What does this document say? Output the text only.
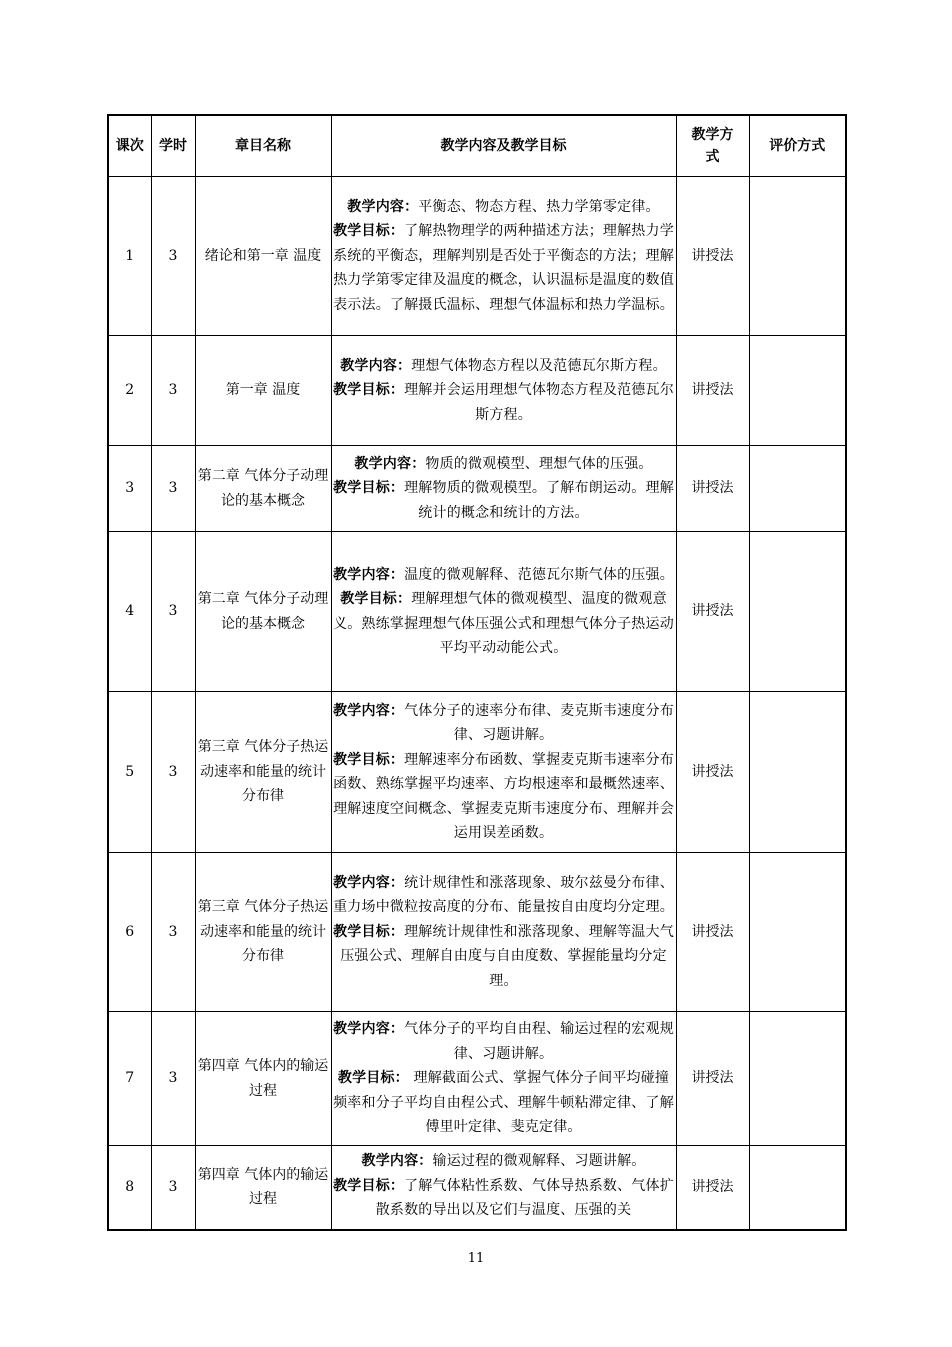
课次	学时	章目名称	教学内容及教学目标	教学方式	评价方式
1	3	绪论和第一章 温度	教学内容：平衡态、物态方程、热力学第零定律。

教学目标：了解热物理学的两种描述方法；理解热力学系统的平衡态，理解判别是否处于平衡态的方法；理解热力学第零定律及温度的概念，认识温标是温度的数值表示法。了解摄氏温标、理想气体温标和热力学温标。	讲授法	
2	3	第一章 温度	教学内容：理想气体物态方程以及范德瓦尔斯方程。

教学目标：理解并会运用理想气体物态方程及范德瓦尔斯方程。	讲授法	
3	3	第二章 气体分子动理论的基本概念	教学内容：物质的微观模型、理想气体的压强。

教学目标：理解物质的微观模型。了解布朗运动。理解统计的概念和统计的方法。	讲授法	
4	3	第二章 气体分子动理论的基本概念	教学内容：温度的微观解释、范德瓦尔斯气体的压强。

教学目标：理解理想气体的微观模型、温度的微观意义。熟练掌握理想气体压强公式和理想气体分子热运动平均平动动能公式。	讲授法	
5	3	第三章 气体分子热运动速率和能量的统计分布律	教学内容：气体分子的速率分布律、麦克斯韦速度分布律、习题讲解。

教学目标：理解速率分布函数、掌握麦克斯韦速率分布函数、熟练掌握平均速率、方均根速率和最概然速率、理解速度空间概念、掌握麦克斯韦速度分布、理解并会运用误差函数。	讲授法	
6	3	第三章 气体分子热运动速率和能量的统计分布律	教学内容：统计规律性和涨落现象、玻尔兹曼分布律、重力场中微粒按高度的分布、能量按自由度均分定理。

教学目标：理解统计规律性和涨落现象、理解等温大气压强公式、理解自由度与自由度数、掌握能量均分定理。	讲授法	
7	3	第四章 气体内的输运过程	教学内容：气体分子的平均自由程、输运过程的宏观规律、习题讲解。

教学目标： 理解截面公式、掌握气体分子间平均碰撞频率和分子平均自由程公式、理解牛顿粘滞定律、了解傅里叶定律、斐克定律。	讲授法	
8	3	第四章 气体内的输运过程	教学内容：输运过程的微观解释、习题讲解。

教学目标：了解气体粘性系数、气体导热系数、气体扩散系数的导出以及它们与温度、压强的关	讲授法	
11
